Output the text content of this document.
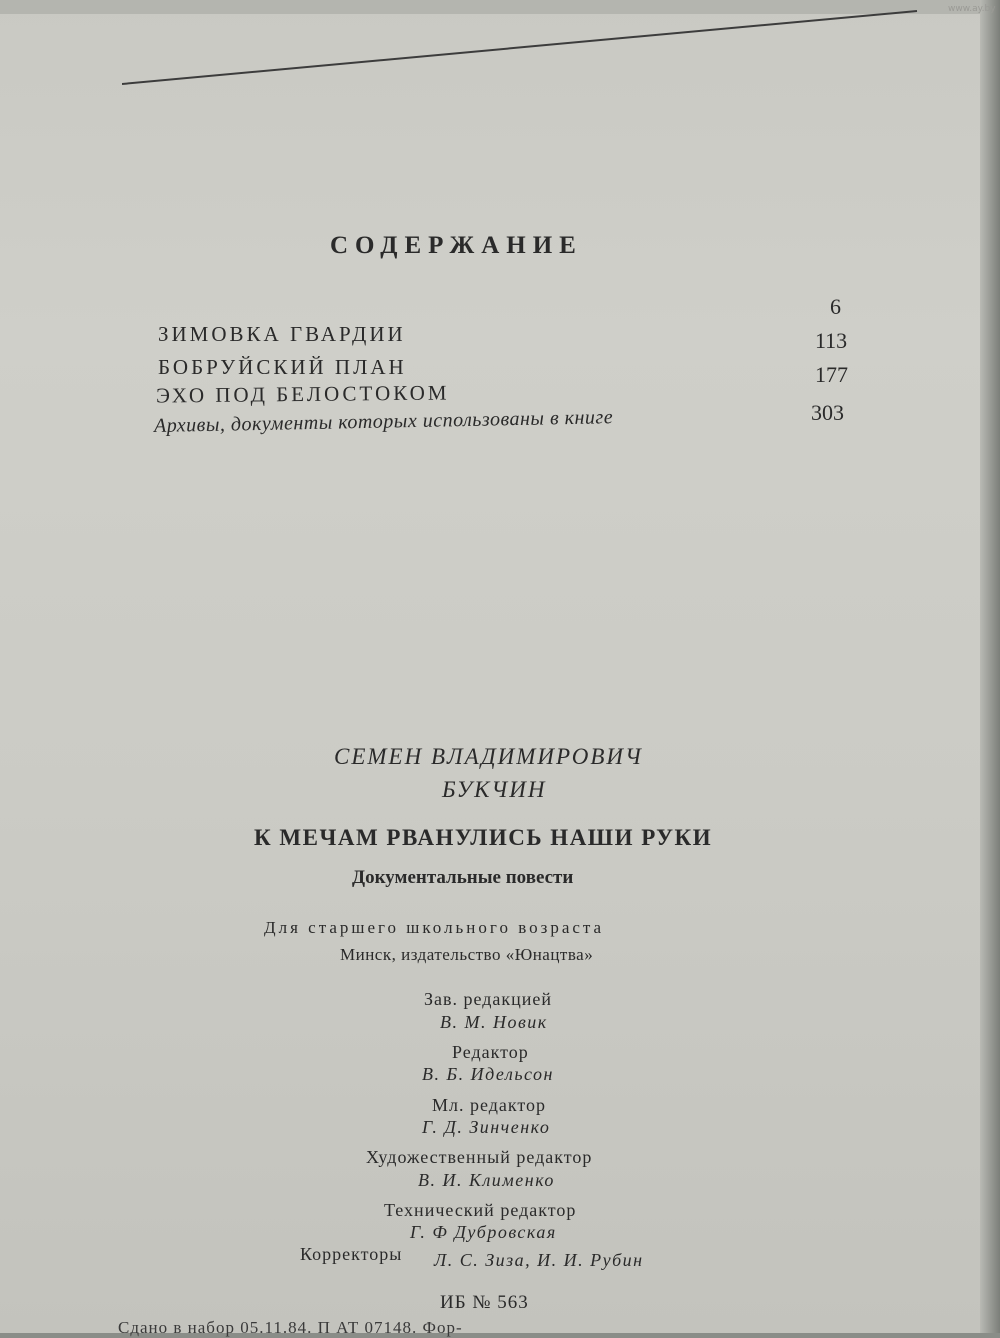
СОДЕРЖАНИЕ
6
ЗИМОВКА ГВАРДИИ	113
БОБРУЙСКИЙ ПЛАН	177
ЭХО ПОД БЕЛОСТОКОМ
303
Архивы, документы которых использованы в книге
СЕМЕН ВЛАДИМИРОВИЧ
БУКЧИН
К МЕЧАМ РВАНУЛИСЬ НАШИ РУКИ
Документальные повести
Для старшего школьного возраста
Минск, издательство «Юнацтва»
Зав. редакцией
В. М. Новик
Редактор
В. Б. Идельсон
Мл. редактор
Г. Д. Зинченко
Художественный редактор
В. И. Клименко
Технический редактор
Г. Ф Дубровская
Корректоры Л. С. Зиза, И. И. Рубин
ИБ № 563
Сдано в набор 05.11.84. П АТ 07148. Фор-
www.ay.by
